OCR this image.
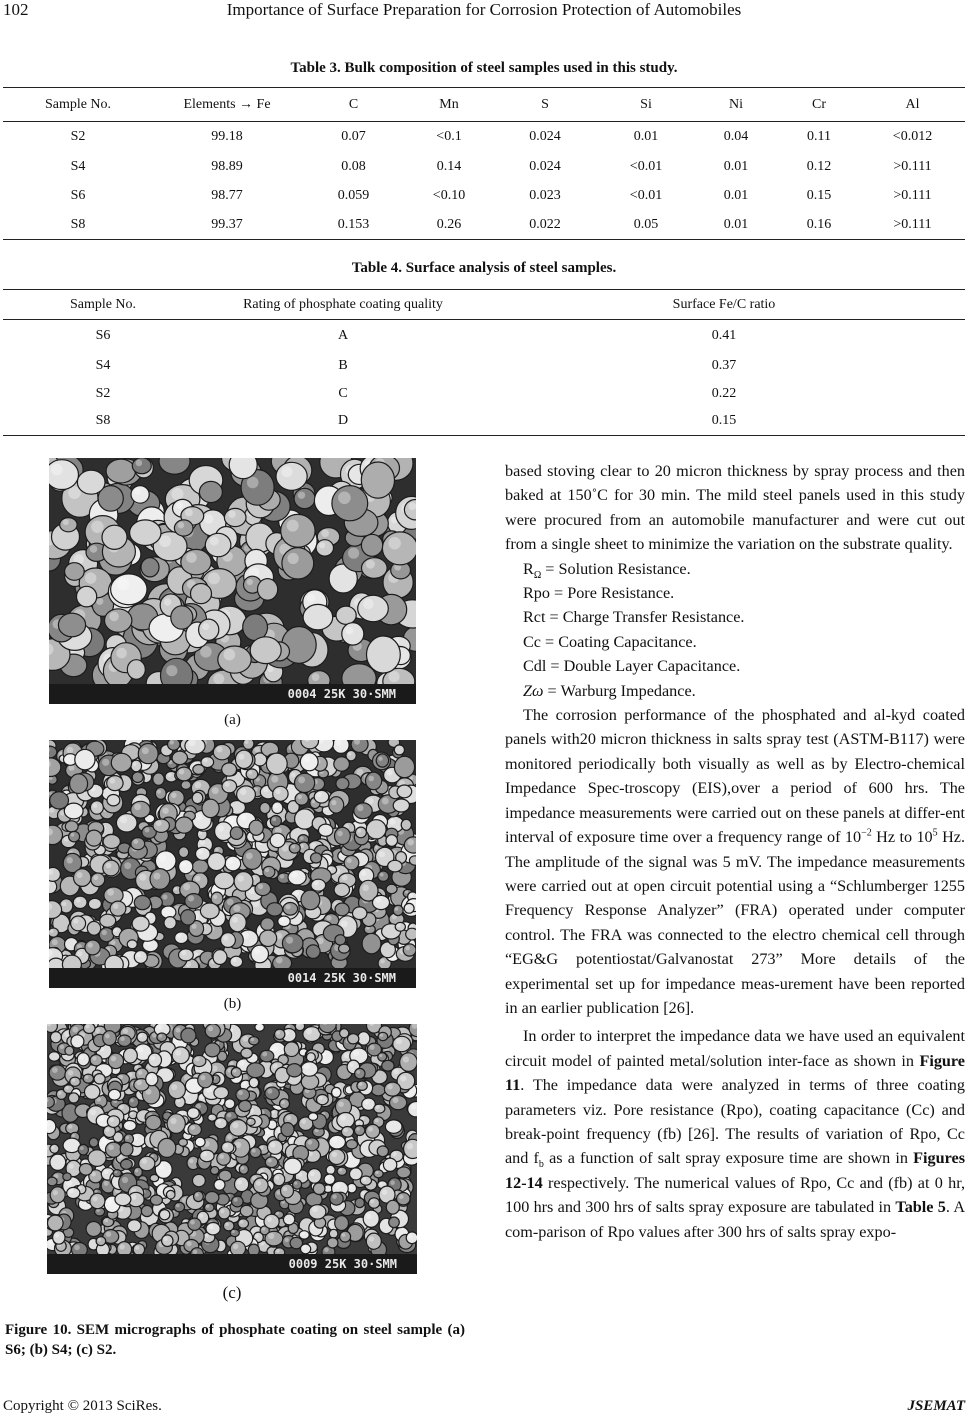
102	Importance of Surface Preparation for Corrosion Protection of Automobiles
Table 3. Bulk composition of steel samples used in this study.
Sample No.	Elements → Fe	C	Mn	S	Si	Ni	Cr	Al
S2	99.18	0.07	<0.1	0.024	0.01	0.04	0.11	<0.012
S4	98.89	0.08	0.14	0.024	<0.01	0.01	0.12	>0.111
S6	98.77	0.059	<0.10	0.023	<0.01	0.01	0.15	>0.111
S8	99.37	0.153	0.26	0.022	0.05	0.01	0.16	>0.111
Table 4. Surface analysis of steel samples.
Sample No.	Rating of phosphate coating quality	Surface Fe/C ratio
S6	A	0.41
S4	B	0.37
S2	C	0.22
S8	D	0.15
0004 25K 30·SMM
(a)
0014 25K 30·SMM
(b)
0009 25K 30·SMM
(c)
Figure 10. SEM micrographs of phosphate coating on steel sample (a) S6; (b) S4; (c) S2.

based stoving clear to 20 micron thickness by spray process and then baked at 150˚C for 30 min. The mild steel panels used in this study were procured from an automobile manufacturer and were cut out from a single sheet to minimize the variation on the substrate quality.

$R_\Omega$ = Solution Resistance.

Rpo = Pore Resistance.

Rct = Charge Transfer Resistance.

Cc = Coating Capacitance.

Cdl = Double Layer Capacitance.

Zω = Warburg Impedance.

The corrosion performance of the phosphated and al-kyd coated panels with20 micron thickness in salts spray test (ASTM-B117) were monitored periodically both visually as well as by Electro-chemical Impedance Spec-troscopy (EIS),over a period of 600 hrs. The impedance measurements were carried out on these panels at differ-ent interval of exposure time over a frequency range of $10^{-2}$ Hz to $10^5$ Hz. The amplitude of the signal was 5 mV. The impedance measurements were carried out at open circuit potential using a “Schlumberger 1255 Frequency Response Analyzer” (FRA) operated under computer control. The FRA was connected to the electro chemical cell through “EG&G potentiostat/Galvanostat 273” More details of the experimental set up for impedance meas-urement have been reported in an earlier publication [26].

In order to interpret the impedance data we have used an equivalent circuit model of painted metal/solution inter-face as shown in Figure 11. The impedance data were analyzed in terms of three coating parameters viz. Pore resistance (Rpo), coating capacitance (Cc) and break-point frequency (fb) [26]. The results of variation of Rpo, Cc and $f_b$ as a function of salt spray exposure time are shown in Figures 12-14 respectively. The numerical values of Rpo, Cc and (fb) at 0 hr, 100 hrs and 300 hrs of salts spray exposure are tabulated in Table 5. A com-parison of Rpo values after 300 hrs of salts spray expo-

Copyright © 2013 SciRes.	JSEMAT
